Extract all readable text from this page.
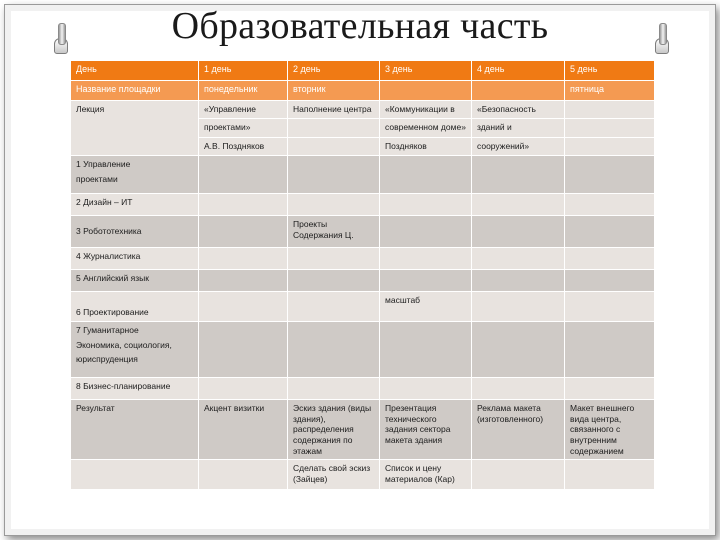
Образовательная часть
День	1 день	2 день	3 день	4 день	5 день
Название площадки	понедельник	вторник			пятница
Лекция	«Управление	Наполнение центра	«Коммуникации в	«Безопасность	
	проектами»		современном доме»	зданий и	
	А.В. Поздняков		Поздняков	сооружений»	

1 Управление
проектами					

2 Дизайн – ИТ					
3 Робототехника		Проекты Содержания Ц.			
4 Журналистика					
5 Английский язык					
6 Проектирование			масштаб		

7 Гуманитарное
Экономика, социология,
юриспруденция					

8 Бизнес-планирование					
Результат	Акцент визитки	Эскиз здания (виды здания), распределения содержания по этажам	Презентация технического задания сектора макета здания	Реклама макета (изготовленного)	Макет внешнего вида центра, связанного с внутренним содержанием
		Сделать свой эскиз (Зайцев)	Список и цену материалов (Кар)		
